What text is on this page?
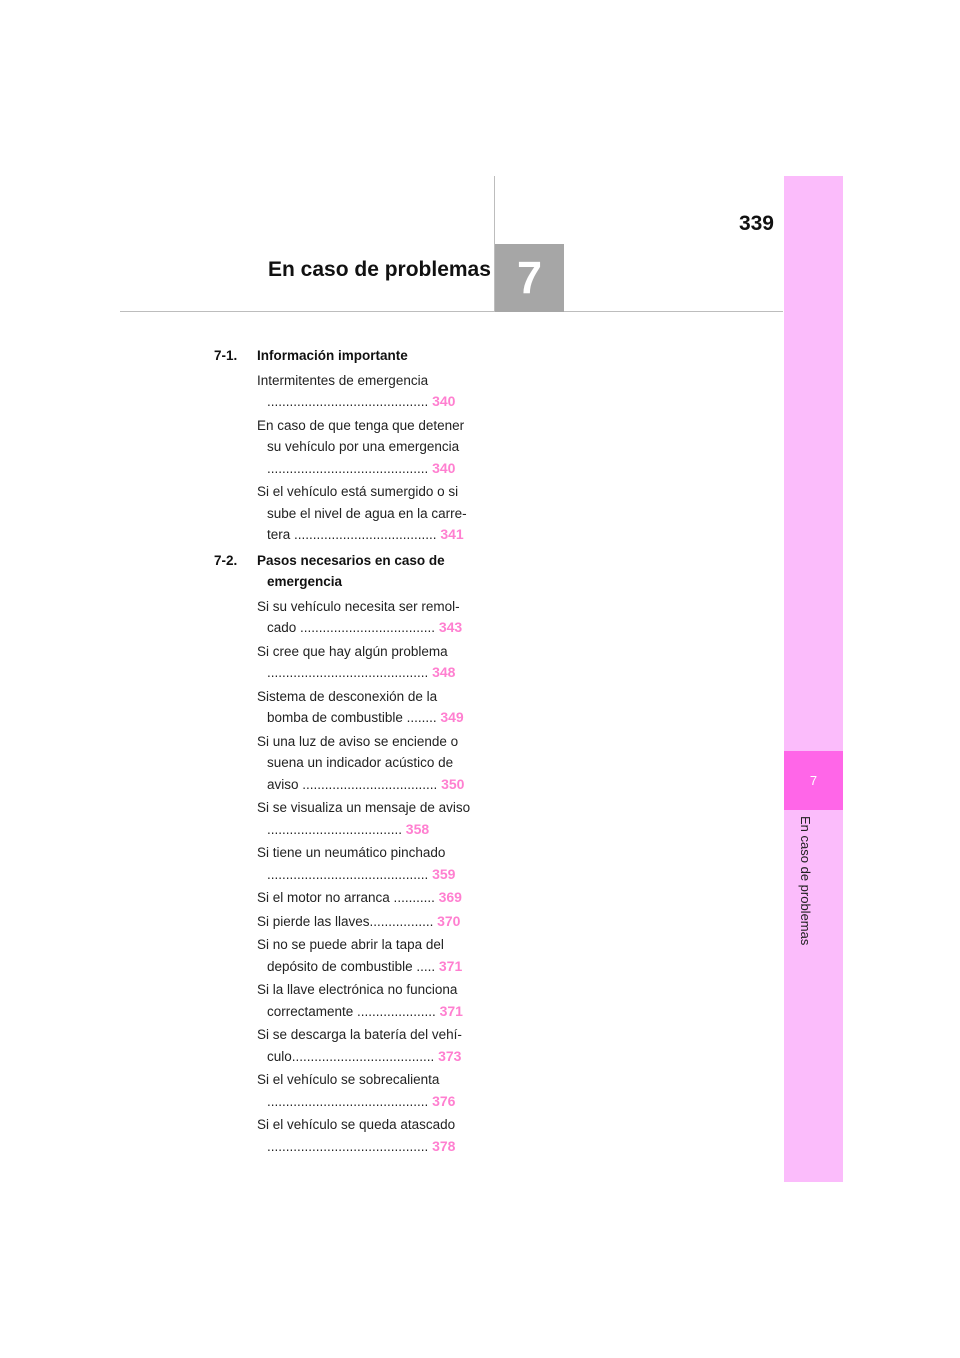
339
En caso de problemas 7
7
En caso de problemas
7-1. Información importante
Intermitentes de emergencia ........................................... 340
En caso de que tenga que detener su vehículo por una emergencia ........................................... 340
Si el vehículo está sumergido o si sube el nivel de agua en la carre-tera ...................................... 341
7-2. Pasos necesarios en caso de emergencia
Si su vehículo necesita ser remol-cado .................................... 343
Si cree que hay algún problema ........................................... 348
Sistema de desconexión de la bomba de combustible ........ 349
Si una luz de aviso se enciende o suena un indicador acústico de aviso .................................... 350
Si se visualiza un mensaje de aviso .................................... 358
Si tiene un neumático pinchado ........................................... 359
Si el motor no arranca ........... 369
Si pierde las llaves................. 370
Si no se puede abrir la tapa del depósito de combustible ..... 371
Si la llave electrónica no funciona correctamente ..................... 371
Si se descarga la batería del vehí-culo...................................... 373
Si el vehículo se sobrecalienta ........................................... 376
Si el vehículo se queda atascado ........................................... 378
